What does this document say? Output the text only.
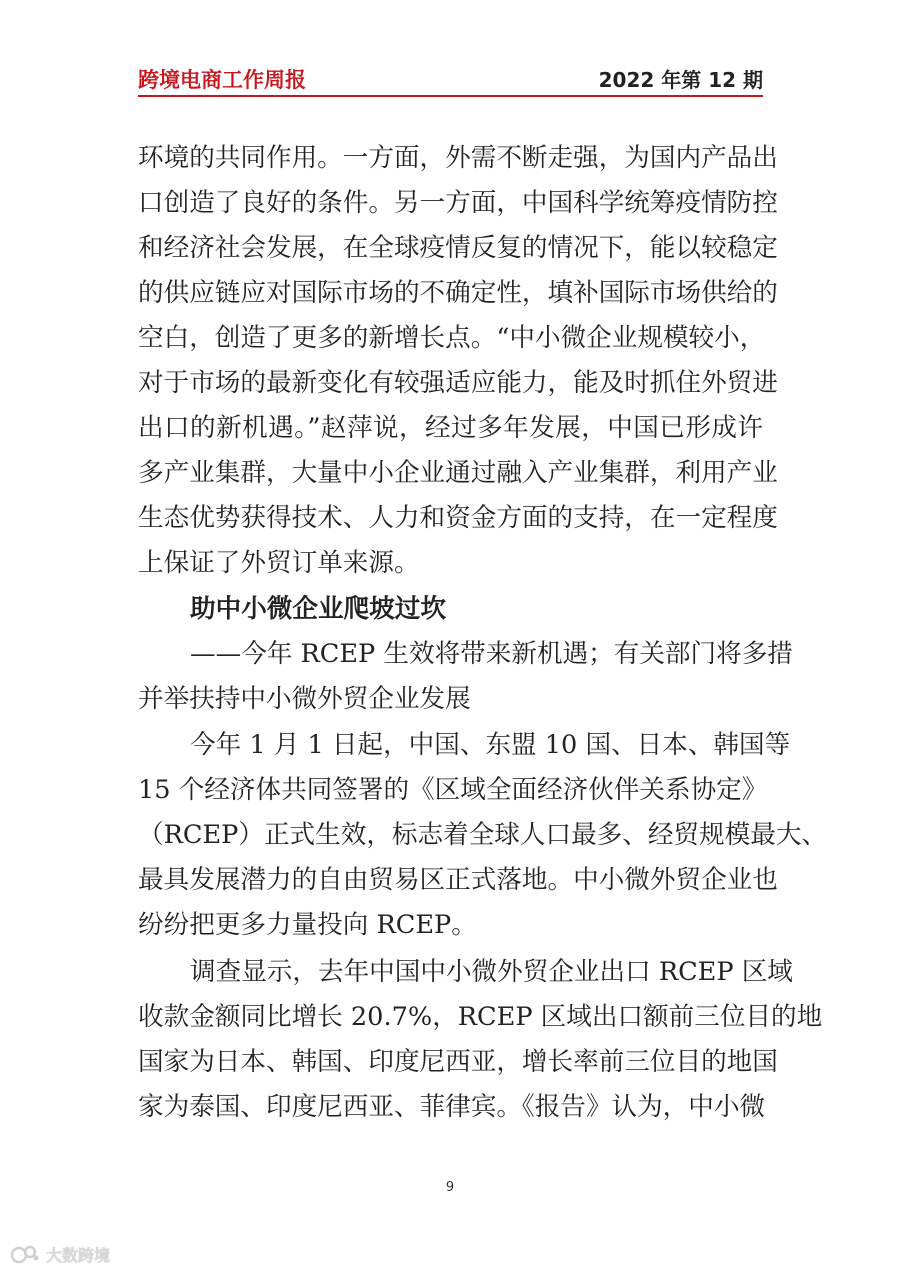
跨境电商工作周报	2022 年第 12 期
环境的共同作用。一方面，外需不断走强，为国内产品出
口创造了良好的条件。另一方面，中国科学统筹疫情防控
和经济社会发展，在全球疫情反复的情况下，能以较稳定
的供应链应对国际市场的不确定性，填补国际市场供给的
空白，创造了更多的新增长点。“中小微企业规模较小，
对于市场的最新变化有较强适应能力，能及时抓住外贸进
出口的新机遇。”赵萍说，经过多年发展，中国已形成许
多产业集群，大量中小企业通过融入产业集群，利用产业
生态优势获得技术、人力和资金方面的支持，在一定程度
上保证了外贸订单来源。
助中小微企业爬坡过坎
——今年 RCEP 生效将带来新机遇；有关部门将多措
并举扶持中小微外贸企业发展
今年 1 月 1 日起，中国、东盟 10 国、日本、韩国等
15 个经济体共同签署的《区域全面经济伙伴关系协定》
（RCEP）正式生效，标志着全球人口最多、经贸规模最大、
最具发展潜力的自由贸易区正式落地。中小微外贸企业也
纷纷把更多力量投向 RCEP。
调查显示，去年中国中小微外贸企业出口 RCEP 区域
收款金额同比增长 20.7%，RCEP 区域出口额前三位目的地
国家为日本、韩国、印度尼西亚，增长率前三位目的地国
家为泰国、印度尼西亚、菲律宾。《报告》认为，中小微
9
大数跨境
